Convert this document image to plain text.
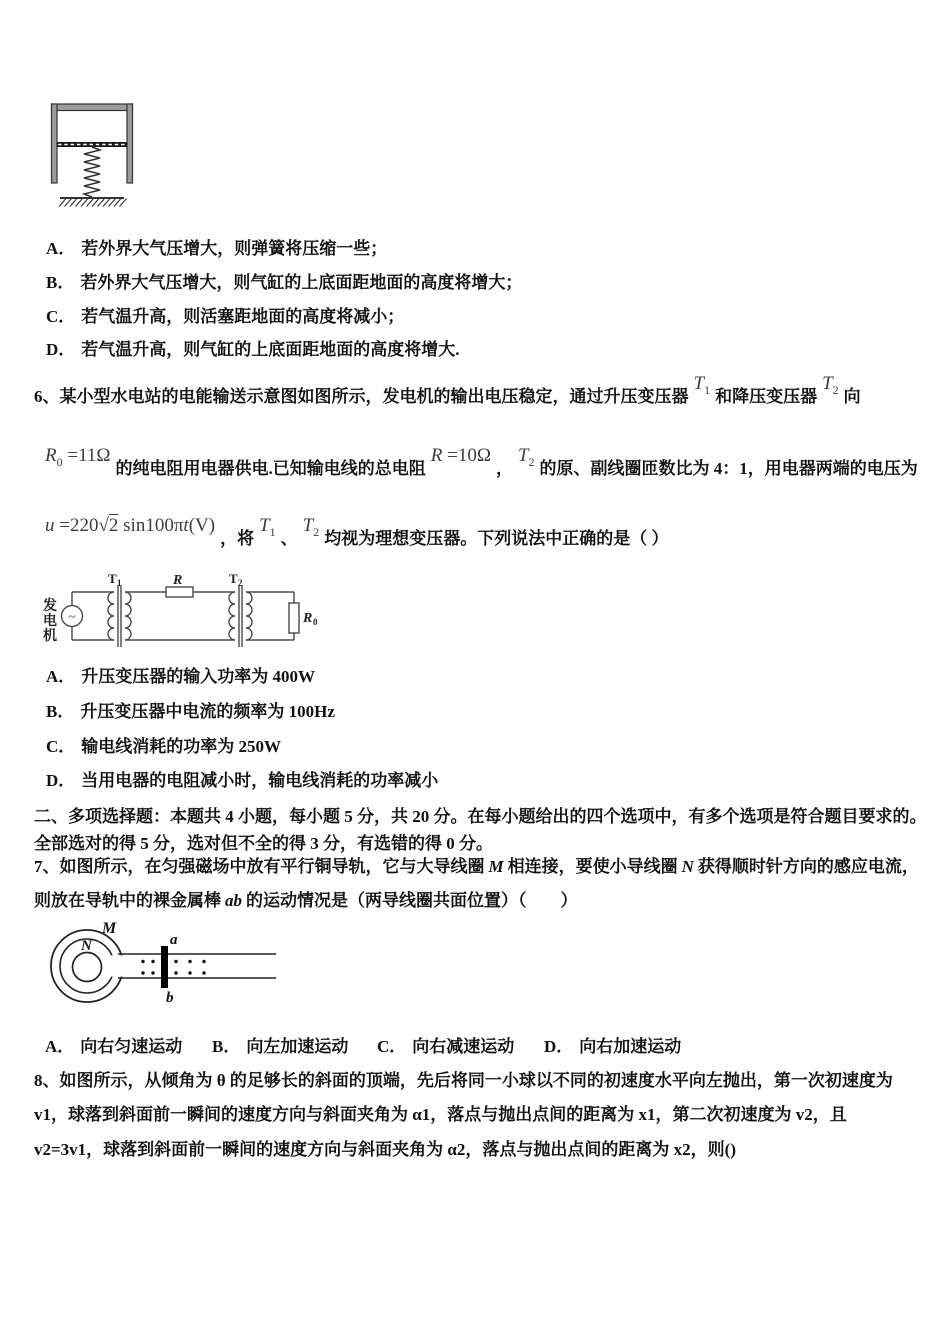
A． 若外界大气压增大，则弹簧将压缩一些；
B． 若外界大气压增大，则气缸的上底面距地面的高度将增大；
C． 若气温升高，则活塞距地面的高度将减小；
D． 若气温升高，则气缸的上底面距地面的高度将增大.
6、某小型水电站的电能输送示意图如图所示，发电机的输出电压稳定，通过升压变压器$T_1$ 和降压变压器$T_2$ 向
$R_0 =11\Omega$的纯电阻用电器供电.已知输电线的总电阻R =10Ω，$T_2$ 的原、副线圈匝数比为 4：1，用电器两端的电压为
u =220√2 sin100πt(V)，将$T_1$ 、$T_2$ 均视为理想变压器。下列说法中正确的是（ ）
发电机
~
T 1	R	T 2
R 0
A． 升压变压器的输入功率为 400W
B． 升压变压器中电流的频率为 100Hz
C． 输电线消耗的功率为 250W
D． 当用电器的电阻减小时，输电线消耗的功率减小
二、多项选择题：本题共 4 小题，每小题 5 分，共 20 分。在每小题给出的四个选项中，有多个选项是符合题目要求的。
全部选对的得 5 分，选对但不全的得 3 分，有选错的得 0 分。
7、如图所示，在匀强磁场中放有平行铜导轨，它与大导线圈 M 相连接，要使小导线圈 N 获得顺时针方向的感应电流，
则放在导轨中的裸金属棒 ab 的运动情况是（两导线圈共面位置）（　　）
M
N	a
b
A． 向右匀速运动 B． 向左加速运动 C． 向右减速运动 D． 向右加速运动
8、如图所示，从倾角为 θ 的足够长的斜面的顶端，先后将同一小球以不同的初速度水平向左抛出，第一次初速度为
v1，球落到斜面前一瞬间的速度方向与斜面夹角为 α1，落点与抛出点间的距离为 x1，第二次初速度为 v2，且
v2=3v1，球落到斜面前一瞬间的速度方向与斜面夹角为 α2，落点与抛出点间的距离为 x2，则()
